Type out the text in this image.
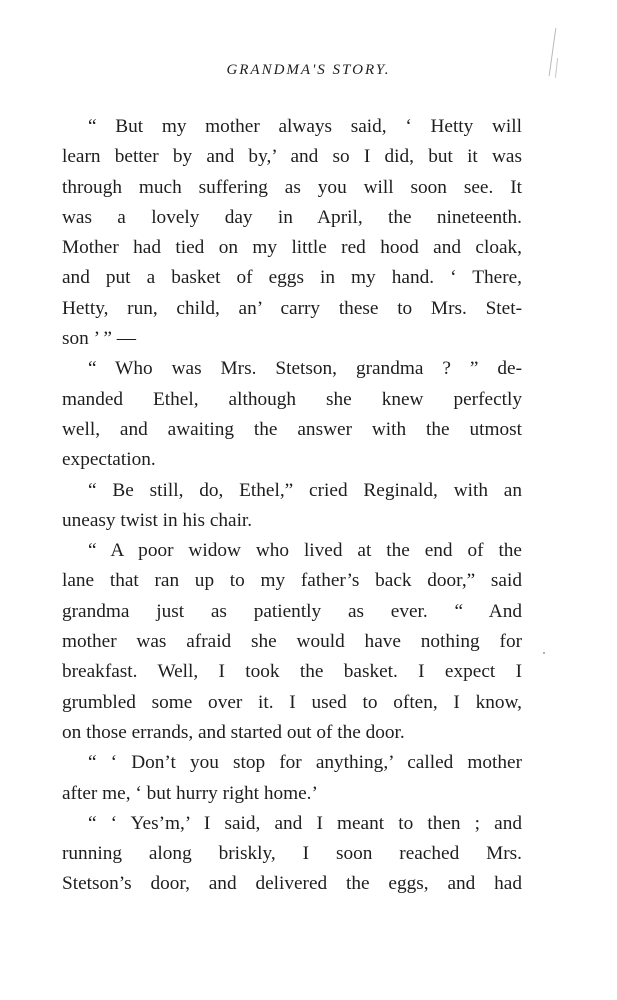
GRANDMA'S STORY.
“ But my mother always said, ‘ Hetty will
learn better by and by,’ and so I did, but it was
through much suffering as you will soon see. It
was a lovely day in April, the nineteenth.
Mother had tied on my little red hood and cloak,
and put a basket of eggs in my hand. ‘ There,
Hetty, run, child, an’ carry these to Mrs. Stet-
son ’ ” —
“ Who was Mrs. Stetson, grandma ? ” de-
manded Ethel, although she knew perfectly
well, and awaiting the answer with the utmost
expectation.
“ Be still, do, Ethel,” cried Reginald, with an
uneasy twist in his chair.
“ A poor widow who lived at the end of the
lane that ran up to my father’s back door,” said
grandma just as patiently as ever. “ And
mother was afraid she would have nothing for
breakfast. Well, I took the basket. I expect I
grumbled some over it. I used to often, I know,
on those errands, and started out of the door.
“ ‘ Don’t you stop for anything,’ called mother
after me, ‘ but hurry right home.’
“ ‘ Yes’m,’ I said, and I meant to then ; and
running along briskly, I soon reached Mrs.
Stetson’s door, and delivered the eggs, and had
